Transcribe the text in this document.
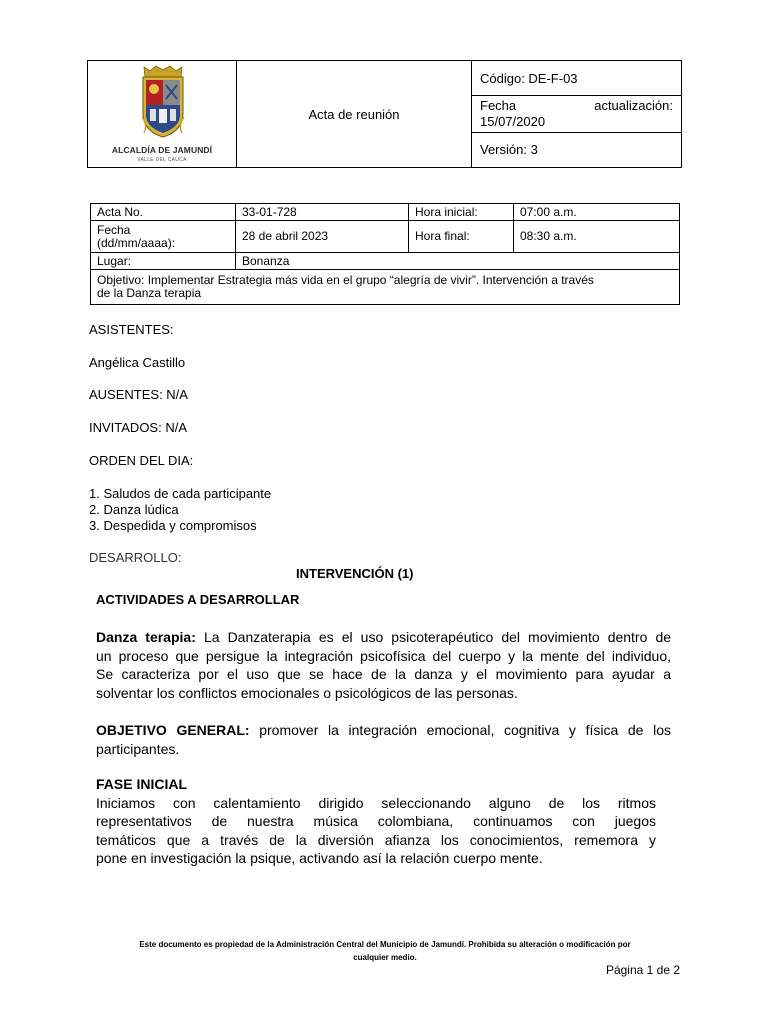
ALCALDÍA DE JAMUNDÍ
VALLE DEL CAUCA
	Acta de reunión	Código: DE-F-03

Fecha	actualización:
15/07/2020

Versión: 3
Acta No.	33-01-728	Hora inicial:	07:00 a.m.

Fecha
(dd/mm/aaaa):	28 de abril 2023	Hora final:	08:30 a.m.
Lugar:	Bonanza		

Objetivo: Implementar Estrategia más vida en el grupo “alegría de vivir”. Intervención a través
de la Danza terapia			
ASISTENTES:
Angélica Castillo
AUSENTES: N/A
INVITADOS: N/A
ORDEN DEL DIA:
1. Saludos de cada participante
2. Danza lúdica
3. Despedida y compromisos
DESARROLLO:
INTERVENCIÓN (1)
ACTIVIDADES A DESARROLLAR
Danza terapia: La Danzaterapia es el uso psicoterapéutico del movimiento dentro de
un proceso que persigue la integración psicofísica del cuerpo y la mente del individuo,
Se caracteriza por el uso que se hace de la danza y el movimiento para ayudar a
solventar los conflictos emocionales o psicológicos de las personas.
OBJETIVO GENERAL: promover la integración emocional, cognitiva y física de los
participantes.
FASE INICIAL
Iniciamos con calentamiento dirigido seleccionando alguno de los ritmos
representativos de nuestra música colombiana, continuamos con juegos
temáticos que a través de la diversión afianza los conocimientos, rememora y
pone en investigación la psique, activando así la relación cuerpo mente.
Este documento es propiedad de la Administración Central del Municipio de Jamundí. Prohibida su alteración o modificación por
cualquier medio.
Página 1 de 2
